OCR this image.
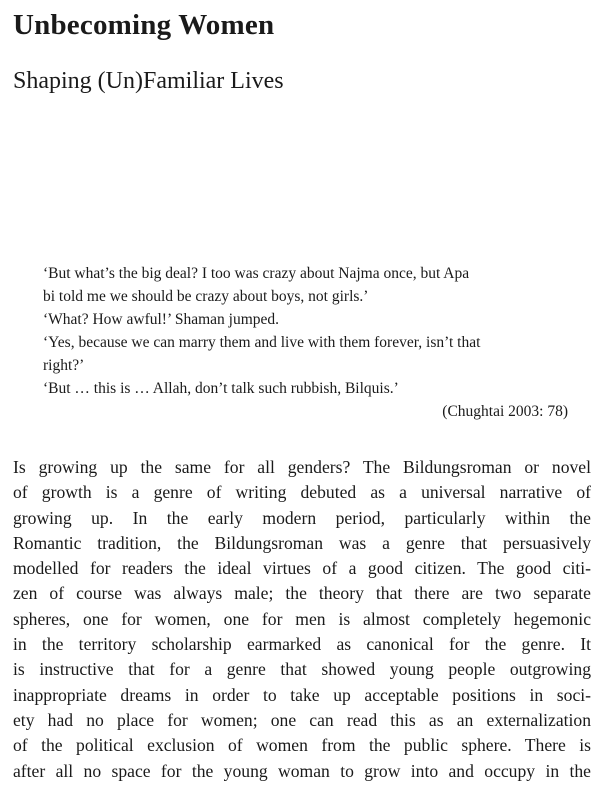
Unbecoming Women
Shaping (Un)Familiar Lives
‘But what’s the big deal? I too was crazy about Najma once, but Apa
bi told me we should be crazy about boys, not girls.’
‘What? How awful!’ Shaman jumped.
‘Yes, because we can marry them and live with them forever, isn’t that
right?’
‘But … this is … Allah, don’t talk such rubbish, Bilquis.’
(Chughtai 2003: 78)
Is growing up the same for all genders? The Bildungsroman or novel
of growth is a genre of writing debuted as a universal narrative of
growing up. In the early modern period, particularly within the
Romantic tradition, the Bildungsroman was a genre that persuasively
modelled for readers the ideal virtues of a good citizen. The good citi-
zen of course was always male; the theory that there are two separate
spheres, one for women, one for men is almost completely hegemonic
in the territory scholarship earmarked as canonical for the genre. It
is instructive that for a genre that showed young people outgrowing
inappropriate dreams in order to take up acceptable positions in soci-
ety had no place for women; one can read this as an externalization
of the political exclusion of women from the public sphere. There is
after all no space for the young woman to grow into and occupy in the
